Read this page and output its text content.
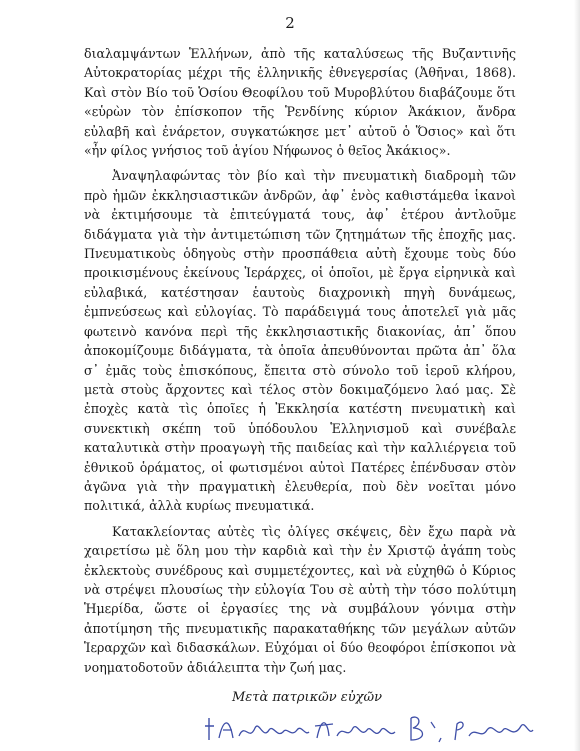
2

διαλαμψάντων Ἑλλήνων, ἀπὸ τῆς καταλύσεως τῆς Βυζαντινῆς Αὐτοκρατορίας μέχρι τῆς ἑλληνικῆς ἐθνεγερσίας (Ἀθῆναι, 1868). Καὶ στὸν Βίο τοῦ Ὁσίου Θεοφίλου τοῦ Μυροβλύτου διαβάζουμε ὅτι «εὑρὼν τὸν ἐπίσκοπον τῆς Ῥενδίνης κύριον Ἀκάκιον, ἄνδρα εὐλαβῆ καὶ ἐνάρετον, συγκατώκησε μετ᾽ αὐτοῦ ὁ Ὅσιος» καὶ ὅτι «ἦν φίλος γνήσιος τοῦ ἁγίου Νήφωνος ὁ θεῖος Ἀκάκιος».

Ἀναψηλαφώντας τὸν βίο καὶ τὴν πνευματικὴ διαδρομὴ τῶν πρὸ ἡμῶν ἐκκλησιαστικῶν ἀνδρῶν, ἀφ᾽ ἑνὸς καθιστάμεθα ἱκανοὶ νὰ ἐκτιμήσουμε τὰ ἐπιτεύγματά τους, ἀφ᾽ ἑτέρου ἀντλοῦμε διδάγματα γιὰ τὴν ἀντιμετώπιση τῶν ζητημάτων τῆς ἐποχῆς μας. Πνευματικοὺς ὁδηγοὺς στὴν προσπάθεια αὐτὴ ἔχουμε τοὺς δύο προικισμένους ἐκείνους Ἱεράρχες, οἱ ὁποῖοι, μὲ ἔργα εἰρηνικὰ καὶ εὐλαβικά, κατέστησαν ἑαυτοὺς διαχρονικὴ πηγὴ δυνάμεως, ἐμπνεύσεως καὶ εὐλογίας. Τὸ παράδειγμά τους ἀποτελεῖ γιὰ μᾶς φωτεινὸ κανόνα περὶ τῆς ἐκκλησιαστικῆς διακονίας, ἀπ᾽ ὅπου ἀποκομίζουμε διδάγματα, τὰ ὁποῖα ἀπευθύνονται πρῶτα ἀπ᾽ ὅλα σ᾽ ἐμᾶς τοὺς ἐπισκόπους, ἔπειτα στὸ σύνολο τοῦ ἱεροῦ κλήρου, μετὰ στοὺς ἄρχοντες καὶ τέλος στὸν δοκιμαζόμενο λαό μας. Σὲ ἐποχὲς κατὰ τὶς ὁποῖες ἡ Ἐκκλησία κατέστη πνευματικὴ καὶ συνεκτικὴ σκέπη τοῦ ὑπόδουλου Ἑλληνισμοῦ καὶ συνέβαλε καταλυτικὰ στὴν προαγωγὴ τῆς παιδείας καὶ τὴν καλλιέργεια τοῦ ἐθνικοῦ ὁράματος, οἱ φωτισμένοι αὐτοὶ Πατέρες ἐπένδυσαν στὸν ἀγῶνα γιὰ τὴν πραγματικὴ ἐλευθερία, ποὺ δὲν νοεῖται μόνο πολιτικά, ἀλλὰ κυρίως πνευματικά.

Κατακλείοντας αὐτὲς τὶς ὀλίγες σκέψεις, δὲν ἔχω παρὰ νὰ χαιρετίσω μὲ ὅλη μου τὴν καρδιὰ καὶ τὴν ἐν Χριστῷ ἀγάπη τοὺς ἐκλεκτοὺς συνέδρους καὶ συμμετέχοντες, καὶ νὰ εὐχηθῶ ὁ Κύριος νὰ στρέψει πλουσίως τὴν εὐλογία Του σὲ αὐτὴ τὴν τόσο πολύτιμη Ἡμερίδα, ὥστε οἱ ἐργασίες της νὰ συμβάλουν γόνιμα στὴν ἀποτίμηση τῆς πνευματικῆς παρακαταθήκης τῶν μεγάλων αὐτῶν Ἱεραρχῶν καὶ διδασκάλων. Εὐχόμαι οἱ δύο θεοφόροι ἐπίσκοποι νὰ νοηματοδοτοῦν ἀδιάλειπτα τὴν ζωή μας.

Μετὰ πατρικῶν εὐχῶν
